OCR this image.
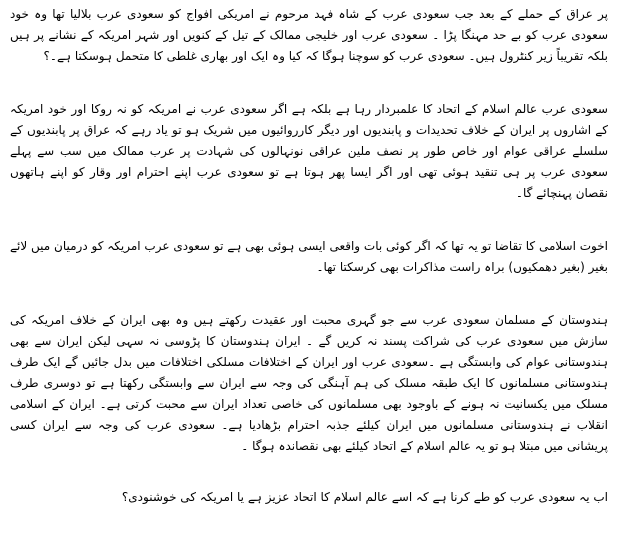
پر عراق کے حملے کے بعد جب سعودی عرب کے شاہ فہد مرحوم نے امریکی افواج کو سعودی عرب بلالیا تھا وہ خود سعودی عرب کو بے حد مہنگا پڑا ۔ سعودی عرب اور خلیجی ممالک کے تیل کے کنویں اور شہر امریکہ کے نشانے پر ہیں بلکہ تقریباً زیر کنٹرول ہیں۔ سعودی عرب کو سوچنا ہوگا کہ کیا وہ ایک اور بھاری غلطی کا متحمل ہوسکتا ہے۔؟

سعودی عرب عالم اسلام کے اتحاد کا علمبردار رہا ہے بلکہ ہے اگر سعودی عرب نے امریکہ کو نہ روکا اور خود امریکہ کے اشاروں پر ایران کے خلاف تحدیدات و پابندیوں اور دیگر کارروائیوں میں شریک ہو تو یاد رہے کہ عراق پر پابندیوں کے سلسلے عراقی عوام اور خاص طور پر نصف ملین عراقی نونہالوں کی شہادت پر عرب ممالک میں سب سے پہلے سعودی عرب پر ہی تنقید ہوئی تھی اور اگر ایسا پھر ہوتا ہے تو سعودی عرب اپنے احترام اور وقار کو اپنے ہاتھوں نقصان پہنچائے گا۔

اخوت اسلامی کا تقاضا تو یہ تھا کہ اگر کوئی بات واقعی ایسی ہوئی بھی ہے تو سعودی عرب امریکہ کو درمیان میں لائے بغیر (بغیر دھمکیوں) براہ راست مذاکرات بھی کرسکتا تھا۔

ہندوستان کے مسلمان سعودی عرب سے جو گہری محبت اور عقیدت رکھتے ہیں وہ بھی ایران کے خلاف امریکہ کی سازش میں سعودی عرب کی شراکت پسند نہ کریں گے ۔ ایران ہندوستان کا پڑوسی نہ سہی لیکن ایران سے بھی ہندوستانی عوام کی وابستگی ہے ۔سعودی عرب اور ایران کے اختلافات مسلکی اختلافات میں بدل جائیں گے ایک طرف ہندوستانی مسلمانوں کا ایک طبقہ مسلک کی ہم آہنگی کی وجہ سے ایران سے وابستگی رکھتا ہے تو دوسری طرف مسلک میں یکسانیت نہ ہونے کے باوجود بھی مسلمانوں کی خاصی تعداد ایران سے محبت کرتی ہے۔ ایران کے اسلامی انقلاب نے ہندوستانی مسلمانوں میں ایران کیلئے جذبہ احترام بڑھادیا ہے۔ سعودی عرب کی وجہ سے ایران کسی پریشانی میں مبتلا ہو تو یہ عالم اسلام کے اتحاد کیلئے بھی نقصاندہ ہوگا ۔

اب یہ سعودی عرب کو طے کرنا ہے کہ اسے عالم اسلام کا اتحاد عزیز ہے یا امریکہ کی خوشنودی؟
